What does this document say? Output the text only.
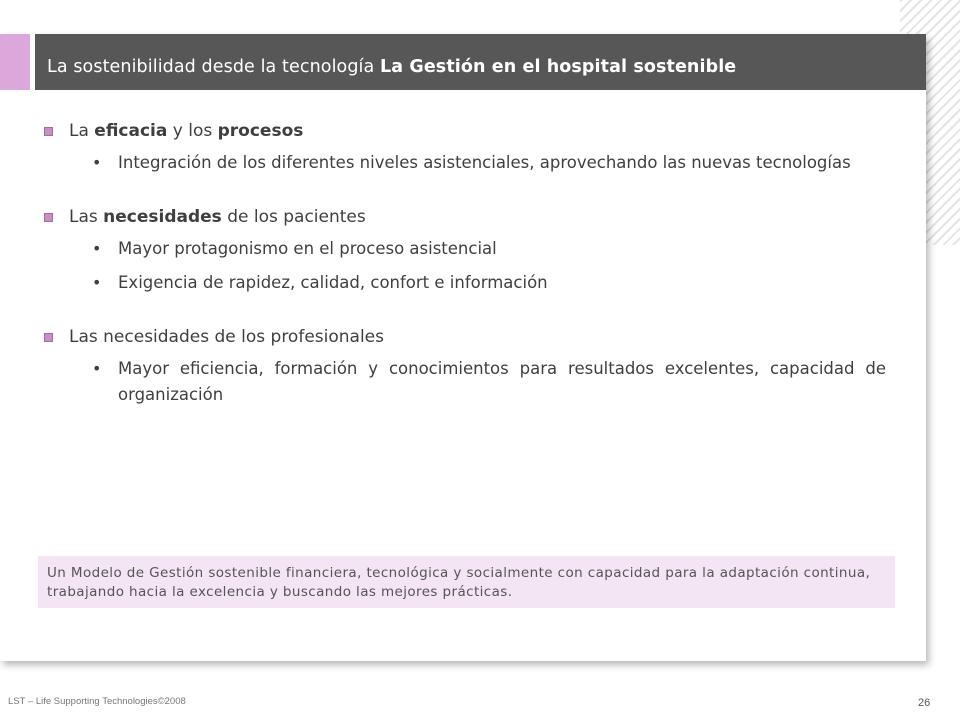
La sostenibilidad desde la tecnología La Gestión en el hospital sostenible
La eficacia y los procesos
• Integración de los diferentes niveles asistenciales, aprovechando las nuevas tecnologías
Las necesidades de los pacientes
• Mayor protagonismo en el proceso asistencial
• Exigencia de rapidez, calidad, confort e información
Las necesidades de los profesionales
• Mayor eficiencia, formación y conocimientos para resultados excelentes, capacidad de organización
Un Modelo de Gestión sostenible financiera, tecnológica y socialmente con capacidad para la adaptación continua, trabajando hacia la excelencia y buscando las mejores prácticas.
LST – Life Supporting Technologies©2008	26
